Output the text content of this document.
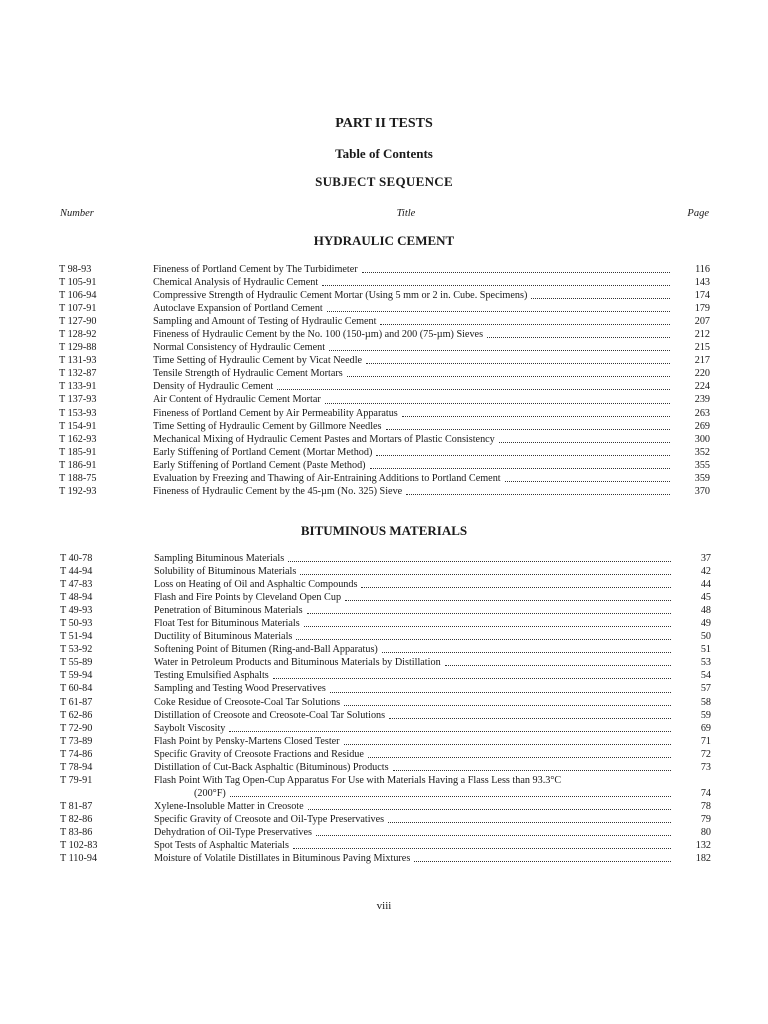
PART II TESTS

Table of Contents

SUBJECT SEQUENCE

Number	Title	Page

HYDRAULIC CEMENT

T 98-93	Fineness of Portland Cement by The Turbidimeter	116
T 105-91	Chemical Analysis of Hydraulic Cement	143
T 106-94	Compressive Strength of Hydraulic Cement Mortar (Using 5 mm or 2 in. Cube. Specimens)	174
T 107-91	Autoclave Expansion of Portland Cement	179
T 127-90	Sampling and Amount of Testing of Hydraulic Cement	207
T 128-92	Fineness of Hydraulic Cement by the No. 100 (150-µm) and 200 (75-µm) Sieves	212
T 129-88	Normal Consistency of Hydraulic Cement	215
T 131-93	Time Setting of Hydraulic Cement by Vicat Needle	217
T 132-87	Tensile Strength of Hydraulic Cement Mortars	220
T 133-91	Density of Hydraulic Cement	224
T 137-93	Air Content of Hydraulic Cement Mortar	239
T 153-93	Fineness of Portland Cement by Air Permeability Apparatus	263
T 154-91	Time Setting of Hydraulic Cement by Gillmore Needles	269
T 162-93	Mechanical Mixing of Hydraulic Cement Pastes and Mortars of Plastic Consistency	300
T 185-91	Early Stiffening of Portland Cement (Mortar Method)	352
T 186-91	Early Stiffening of Portland Cement (Paste Method)	355
T 188-75	Evaluation by Freezing and Thawing of Air-Entraining Additions to Portland Cement	359
T 192-93	Fineness of Hydraulic Cement by the 45-µm (No. 325) Sieve	370

BITUMINOUS MATERIALS

T 40-78	Sampling Bituminous Materials	37
T 44-94	Solubility of Bituminous Materials	42
T 47-83	Loss on Heating of Oil and Asphaltic Compounds	44
T 48-94	Flash and Fire Points by Cleveland Open Cup	45
T 49-93	Penetration of Bituminous Materials	48
T 50-93	Float Test for Bituminous Materials	49
T 51-94	Ductility of Bituminous Materials	50
T 53-92	Softening Point of Bitumen (Ring-and-Ball Apparatus)	51
T 55-89	Water in Petroleum Products and Bituminous Materials by Distillation	53
T 59-94	Testing Emulsified Asphalts	54
T 60-84	Sampling and Testing Wood Preservatives	57
T 61-87	Coke Residue of Creosote-Coal Tar Solutions	58
T 62-86	Distillation of Creosote and Creosote-Coal Tar Solutions	59
T 72-90	Saybolt Viscosity	69
T 73-89	Flash Point by Pensky-Martens Closed Tester	71
T 74-86	Specific Gravity of Creosote Fractions and Residue	72
T 78-94	Distillation of Cut-Back Asphaltic (Bituminous) Products	73
T 79-91	Flash Point With Tag Open-Cup Apparatus For Use with Materials Having a Flass Less than 93.3°C
(200°F)	74
T 81-87	Xylene-Insoluble Matter in Creosote	78
T 82-86	Specific Gravity of Creosote and Oil-Type Preservatives	79
T 83-86	Dehydration of Oil-Type Preservatives	80
T 102-83	Spot Tests of Asphaltic Materials	132
T 110-94	Moisture of Volatile Distillates in Bituminous Paving Mixtures	182

viii
